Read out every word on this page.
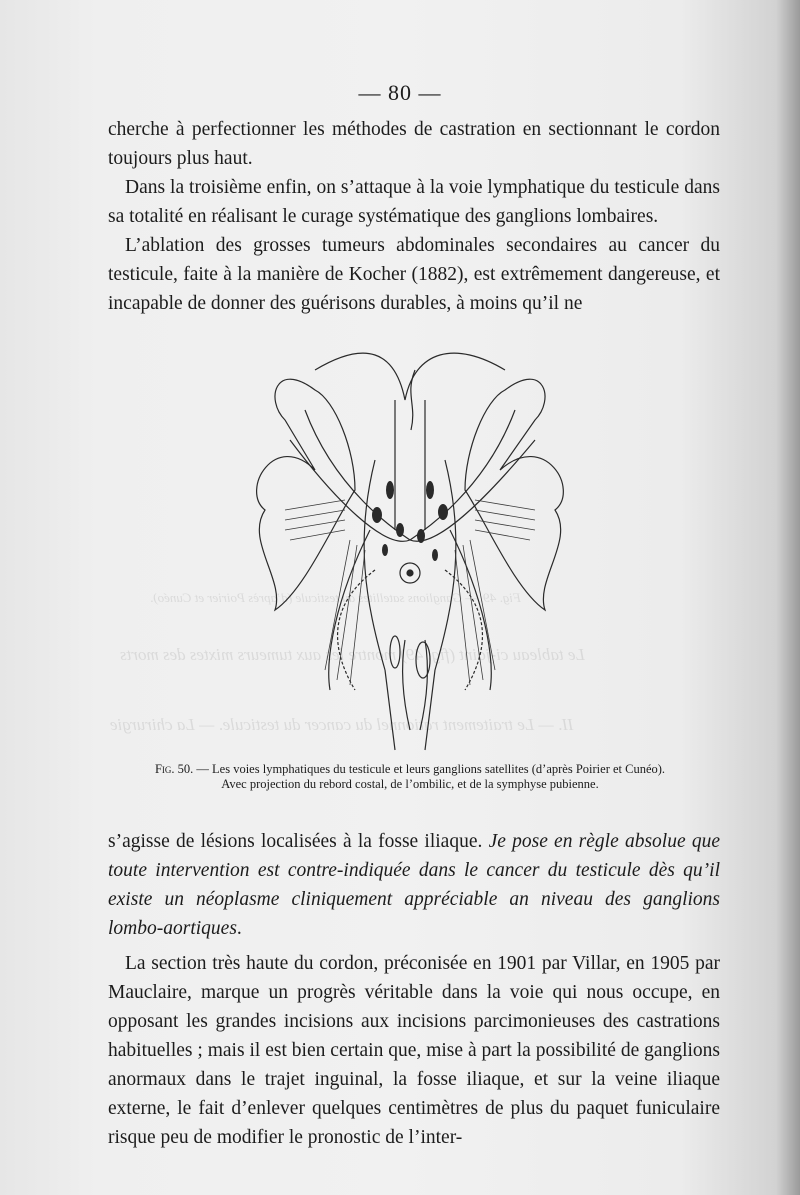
Fig. 49. — Ganglions satellites du testicule (d’après Poirier et Cunéo).
Le tableau ci-joint (fig. 49) montre les aux tumeurs mixtes des morts
II. — Le traitement rationnel du cancer du testicule. — La chirurgie
— 80 —

cherche à perfectionner les méthodes de castration en sectionnant le cordon toujours plus haut.

Dans la troisième enfin, on s’attaque à la voie lymphatique du testicule dans sa totalité en réalisant le curage systématique des ganglions lombaires.

L’ablation des grosses tumeurs abdominales secondaires au cancer du testicule, faite à la manière de Kocher (1882), est extrêmement dangereuse, et incapable de donner des guérisons durables, à moins qu’il ne

Fig. 50. — Les voies lymphatiques du testicule et leurs ganglions satellites (d’après Poirier et Cunéo).
Avec projection du rebord costal, de l’ombilic, et de la symphyse pubienne.

s’agisse de lésions localisées à la fosse iliaque. Je pose en règle absolue que toute intervention est contre-indiquée dans le cancer du testicule dès qu’il existe un néoplasme cliniquement appréciable an niveau des ganglions lombo-aortiques.

La section très haute du cordon, préconisée en 1901 par Villar, en 1905 par Mauclaire, marque un progrès véritable dans la voie qui nous occupe, en opposant les grandes incisions aux incisions parcimonieuses des castrations habituelles ; mais il est bien certain que, mise à part la possibilité de ganglions anormaux dans le trajet inguinal, la fosse iliaque, et sur la veine iliaque externe, le fait d’enlever quelques centimètres de plus du paquet funiculaire risque peu de modifier le pronostic de l’inter-
